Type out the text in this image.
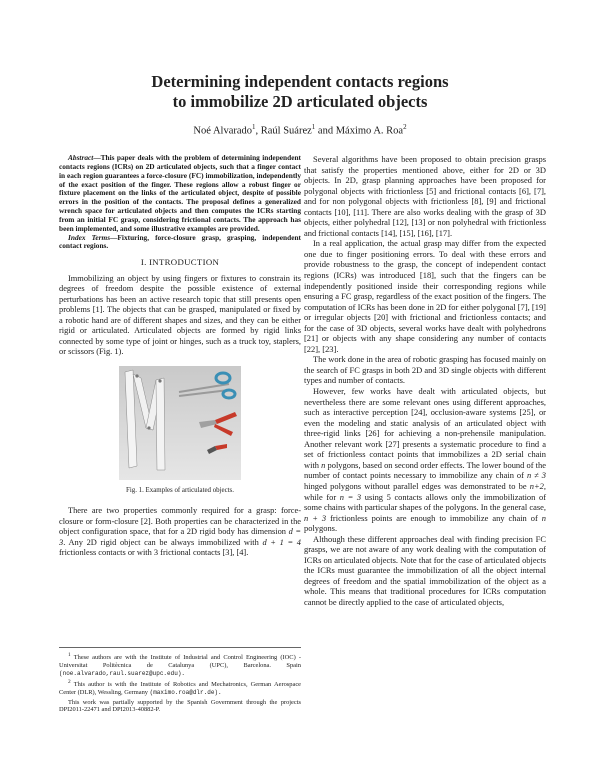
Determining independent contacts regions
to immobilize 2D articulated objects
Noé Alvarado$^1$, Raúl Suárez$^1$ and Máximo A. Roa$^2$

Abstract—This paper deals with the problem of determining independent contacts regions (ICRs) on 2D articulated objects, such that a finger contact in each region guarantees a force-closure (FC) immobilization, independently of the exact position of the finger. These regions allow a robust finger or fixture placement on the links of the articulated object, despite of possible errors in the position of the contacts. The proposal defines a generalized wrench space for articulated objects and then computes the ICRs starting from an initial FC grasp, considering frictional contacts. The approach has been implemented, and some illustrative examples are provided.

Index Terms—Fixturing, force-closure grasp, grasping, independent contact regions.

I. INTRODUCTION

Immobilizing an object by using fingers or fixtures to constrain its degrees of freedom despite the possible existence of external perturbations has been an active research topic that still presents open problems [1]. The objects that can be grasped, manipulated or fixed by a robotic hand are of different shapes and sizes, and they can be either rigid or articulated. Articulated objects are formed by rigid links connected by some type of joint or hinges, such as a truck toy, staplers, or scissors (Fig. 1).

Fig. 1. Examples of articulated objects.

There are two properties commonly required for a grasp: force-closure or form-closure [2]. Both properties can be characterized in the object configuration space, that for a 2D rigid body has dimension d = 3. Any 2D rigid object can be always immobilized with d + 1 = 4 frictionless contacts or with 3 frictional contacts [3], [4].

$^1$ These authors are with the Institute of Industrial and Control Engineering (IOC) - Universitat Politècnica de Catalunya (UPC), Barcelona. Spain (noe.alvarado,raul.suarez@upc.edu).

$^2$ This author is with the Institute of Robotics and Mechatronics, German Aerospace Center (DLR), Wessling, Germany (maximo.roa@dlr.de).

This work was partially supported by the Spanish Government through the projects DPI2011-22471 and DPI2013-40882-P.

Several algorithms have been proposed to obtain precision grasps that satisfy the properties mentioned above, either for 2D or 3D objects. In 2D, grasp planning approaches have been proposed for polygonal objects with frictionless [5] and frictional contacts [6], [7], and for non polygonal objects with frictionless [8], [9] and frictional contacts [10], [11]. There are also works dealing with the grasp of 3D objects, either polyhedral [12], [13] or non polyhedral with frictionless and frictional contacts [14], [15], [16], [17].

In a real application, the actual grasp may differ from the expected one due to finger positioning errors. To deal with these errors and provide robustness to the grasp, the concept of independent contact regions (ICRs) was introduced [18], such that the fingers can be independently positioned inside their corresponding regions while ensuring a FC grasp, regardless of the exact position of the fingers. The computation of ICRs has been done in 2D for either polygonal [7], [19] or irregular objects [20] with frictional and frictionless contacts; and for the case of 3D objects, several works have dealt with polyhedrons [21] or objects with any shape considering any number of contacts [22], [23].

The work done in the area of robotic grasping has focused mainly on the search of FC grasps in both 2D and 3D single objects with different types and number of contacts.

However, few works have dealt with articulated objects, but nevertheless there are some relevant ones using different approaches, such as interactive perception [24], occlusion-aware systems [25], or even the modeling and static analysis of an articulated object with three-rigid links [26] for achieving a non-prehensile manipulation. Another relevant work [27] presents a systematic procedure to find a set of frictionless contact points that immobilizes a 2D serial chain with n polygons, based on second order effects. The lower bound of the number of contact points necessary to immobilize any chain of n ≠ 3 hinged polygons without parallel edges was demonstrated to be n+2, while for n = 3 using 5 contacts allows only the immobilization of some chains with particular shapes of the polygons. In the general case, n + 3 frictionless points are enough to immobilize any chain of n polygons.

Although these different approaches deal with finding precision FC grasps, we are not aware of any work dealing with the computation of ICRs on articulated objects. Note that for the case of articulated objects the ICRs must guarantee the immobilization of all the object internal degrees of freedom and the spatial immobilization of the object as a whole. This means that traditional procedures for ICRs computation cannot be directly applied to the case of articulated objects,
